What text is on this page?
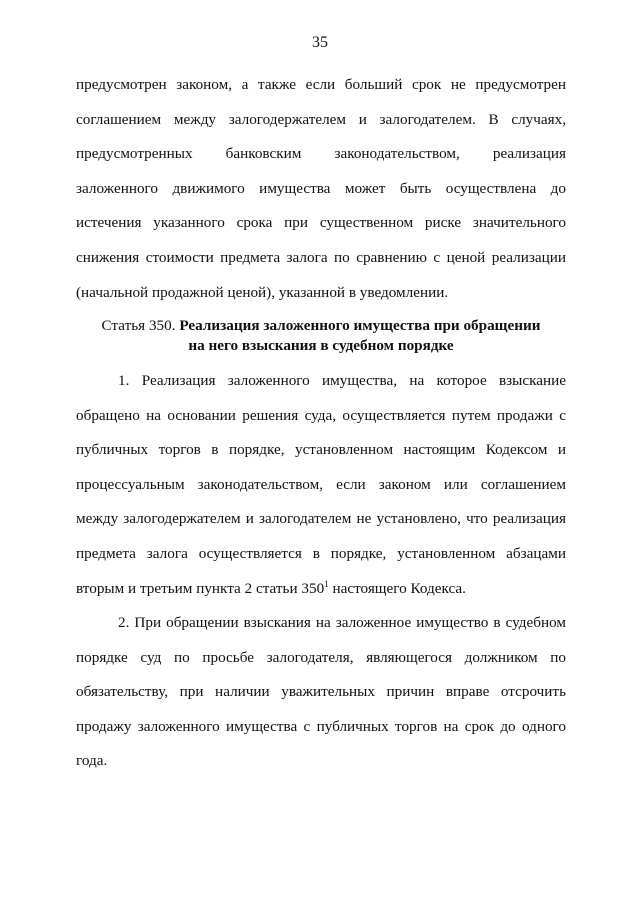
35
предусмотрен законом, а также если больший срок не предусмотрен
соглашением между залогодержателем и залогодателем. В случаях,
предусмотренных банковским законодательством, реализация
заложенного движимого имущества может быть осуществлена до
истечения указанного срока при существенном риске значительного
снижения стоимости предмета залога по сравнению с ценой реализации
(начальной продажной ценой), указанной в уведомлении.
Статья 350. Реализация заложенного имущества при обращении
на него взыскания в судебном порядке
1. Реализация заложенного имущества, на которое взыскание
обращено на основании решения суда, осуществляется путем продажи с
публичных торгов в порядке, установленном настоящим Кодексом и
процессуальным законодательством, если законом или соглашением
между залогодержателем и залогодателем не установлено, что реализация
предмета залога осуществляется в порядке, установленном абзацами
вторым и третьим пункта 2 статьи $350^1$ настоящего Кодекса.
2. При обращении взыскания на заложенное имущество в судебном
порядке суд по просьбе залогодателя, являющегося должником по
обязательству, при наличии уважительных причин вправе отсрочить
продажу заложенного имущества с публичных торгов на срок до одного
года.
